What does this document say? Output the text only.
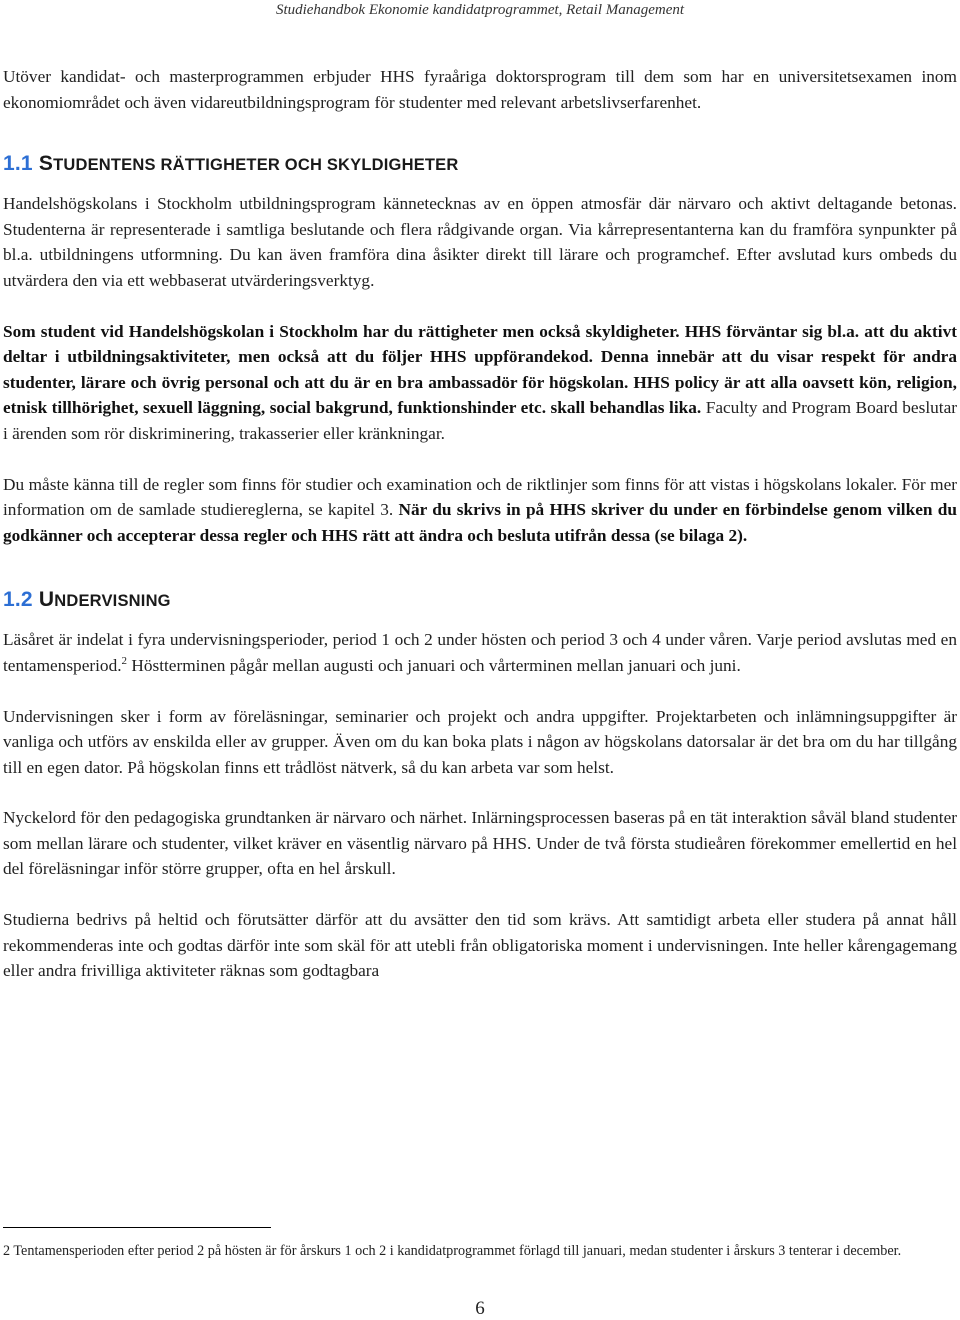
Studiehandbok Ekonomie kandidatprogrammet, Retail Management

Utöver kandidat- och masterprogrammen erbjuder HHS fyraåriga doktorsprogram till dem som har en universitetsexamen inom ekonomiområdet och även vidareutbildningsprogram för studenter med relevant arbetslivserfarenhet.

1.1 STUDENTENS RÄTTIGHETER OCH SKYLDIGHETER

Handelshögskolans i Stockholm utbildningsprogram kännetecknas av en öppen atmosfär där närvaro och aktivt deltagande betonas. Studenterna är representerade i samtliga beslutande och flera rådgivande organ. Via kårrepresentanterna kan du framföra synpunkter på bl.a. utbildningens utformning. Du kan även framföra dina åsikter direkt till lärare och programchef. Efter avslutad kurs ombeds du utvärdera den via ett webbaserat utvärderingsverktyg.

Som student vid Handelshögskolan i Stockholm har du rättigheter men också skyldigheter. HHS förväntar sig bl.a. att du aktivt deltar i utbildningsaktiviteter, men också att du följer HHS uppförandekod. Denna innebär att du visar respekt för andra studenter, lärare och övrig personal och att du är en bra ambassadör för högskolan. HHS policy är att alla oavsett kön, religion, etnisk tillhörighet, sexuell läggning, social bakgrund, funktionshinder etc. skall behandlas lika. Faculty and Program Board beslutar i ärenden som rör diskriminering, trakasserier eller kränkningar.

Du måste känna till de regler som finns för studier och examination och de riktlinjer som finns för att vistas i högskolans lokaler. För mer information om de samlade studiereglerna, se kapitel 3. När du skrivs in på HHS skriver du under en förbindelse genom vilken du godkänner och accepterar dessa regler och HHS rätt att ändra och besluta utifrån dessa (se bilaga 2).

1.2 UNDERVISNING

Läsåret är indelat i fyra undervisningsperioder, period 1 och 2 under hösten och period 3 och 4 under våren. Varje period avslutas med en tentamensperiod.$^2$ Höstterminen pågår mellan augusti och januari och vårterminen mellan januari och juni.

Undervisningen sker i form av föreläsningar, seminarier och projekt och andra uppgifter. Projektarbeten och inlämningsuppgifter är vanliga och utförs av enskilda eller av grupper. Även om du kan boka plats i någon av högskolans datorsalar är det bra om du har tillgång till en egen dator. På högskolan finns ett trådlöst nätverk, så du kan arbeta var som helst.

Nyckelord för den pedagogiska grundtanken är närvaro och närhet. Inlärningsprocessen baseras på en tät interaktion såväl bland studenter som mellan lärare och studenter, vilket kräver en väsentlig närvaro på HHS. Under de två första studieåren förekommer emellertid en hel del föreläsningar inför större grupper, ofta en hel årskull.

Studierna bedrivs på heltid och förutsätter därför att du avsätter den tid som krävs. Att samtidigt arbeta eller studera på annat håll rekommenderas inte och godtas därför inte som skäl för att utebli från obligatoriska moment i undervisningen. Inte heller kårengagemang eller andra frivilliga aktiviteter räknas som godtagbara

2 Tentamensperioden efter period 2 på hösten är för årskurs 1 och 2 i kandidatprogrammet förlagd till januari, medan studenter i årskurs 3 tenterar i december.
6
